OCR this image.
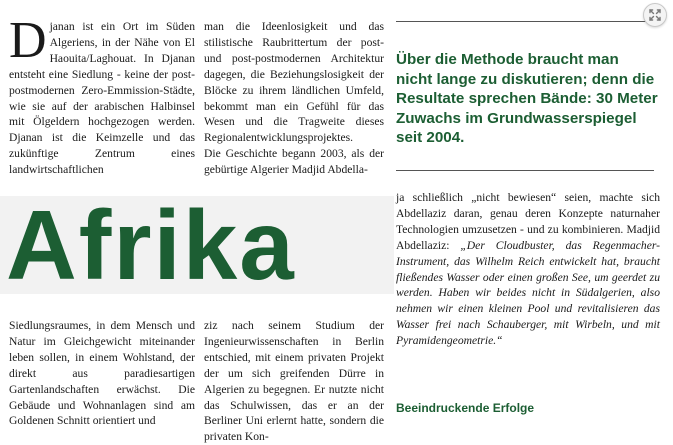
Djanan ist ein Ort im Süden Algeriens, in der Nähe von El Haouita/Laghouat. In Djanan entsteht eine Siedlung - keine der post-postmodernen Zero-Emmission-Städte, wie sie auf der arabischen Halbinsel mit Ölgeldern hochgezogen werden. Djanan ist die Keimzelle und das zukünftige Zentrum eines landwirtschaftlichen

man die Ideenlosigkeit und das stilistische Raubrittertum der post- und post-postmodernen Architektur dagegen, die Beziehungslosigkeit der Blöcke zu ihrem ländlichen Umfeld, bekommt man ein Gefühl für das Wesen und die Tragweite dieses Regionalentwicklungsprojektes.

Die Geschichte begann 2003, als der gebürtige Algerier Madjid Abdella-

Afrika

Siedlungsraumes, in dem Mensch und Natur im Gleichgewicht miteinander leben sollen, in einem Wohlstand, der direkt aus paradiesartigen Gartenlandschaften erwächst. Die Gebäude und Wohnanlagen sind am Goldenen Schnitt orientiert und

ziz nach seinem Studium der Ingenieurwissenschaften in Berlin entschied, mit einem privaten Projekt der um sich greifenden Dürre in Algerien zu begegnen. Er nutzte nicht das Schulwissen, das er an der Berliner Uni erlernt hatte, sondern die privaten Kon-

Über die Methode braucht man nicht lange zu diskutieren; denn die Resultate sprechen Bände: 30 Meter Zuwachs im Grundwasserspiegel seit 2004.

ja schließlich „nicht bewiesen“ seien, machte sich Abdellaziz daran, genau deren Konzepte naturnaher Technologien umzusetzen - und zu kombinieren. Madjid Abdellaziz: „Der Cloudbuster, das Regenmacher-Instrument, das Wilhelm Reich entwickelt hat, braucht fließendes Wasser oder einen großen See, um geerdet zu werden. Haben wir beides nicht in Südalgerien, also nehmen wir einen kleinen Pool und revitalisieren das Wasser frei nach Schauberger, mit Wirbeln, und mit Pyramidengeometrie.“

Beeindruckende Erfolge
